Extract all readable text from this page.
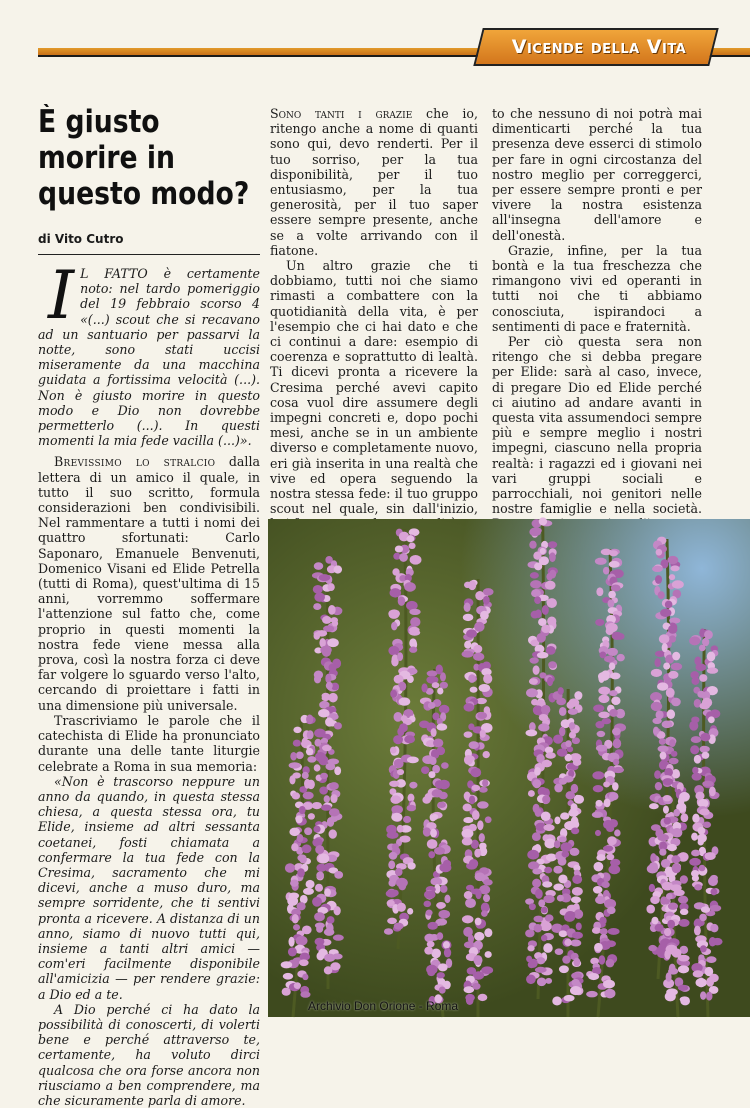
Vicende della Vita
È giusto
morire in
questo modo?
di Vito Cutro

I L FATTO è certamente noto: nel tardo pomeriggio del 19 febbraio scorso 4 «(...) scout che si recavano ad un santuario per passarvi la notte, sono stati uccisi miseramente da una macchina guidata a fortissima velocità (...). Non è giusto morire in questo modo e Dio non dovrebbe permetterlo (...). In questi momenti la mia fede vacilla (...)».

Brevissimo lo stralcio dalla lettera di un amico il quale, in tutto il suo scritto, formula considerazioni ben condivisibili. Nel rammentare a tutti i nomi dei quattro sfortunati: Carlo Saponaro, Emanuele Benvenuti, Domenico Visani ed Elide Petrella (tutti di Roma), quest'ultima di 15 anni, vorremmo soffermare l'attenzione sul fatto che, come proprio in questi momenti la nostra fede viene messa alla prova, così la nostra forza ci deve far volgere lo sguardo verso l'alto, cercando di proiettare i fatti in una dimensione più universale.

Trascriviamo le parole che il catechista di Elide ha pronunciato durante una delle tante liturgie celebrate a Roma in sua memoria:

«Non è trascorso neppure un anno da quando, in questa stessa chiesa, a questa stessa ora, tu Elide, insieme ad altri sessanta coetanei, fosti chiamata a confermare la tua fede con la Cresima, sacramento che mi dicevi, anche a muso duro, ma sempre sorridente, che ti sentivi pronta a ricevere. A distanza di un anno, siamo di nuovo tutti qui, insieme a tanti altri amici — com'eri facilmente disponibile all'amicizia — per rendere grazie: a Dio ed a te.

A Dio perché ci ha dato la possibilità di conoscerti, di volerti bene e perché attraverso te, certamente, ha voluto dirci qualcosa che ora forse ancora non riusciamo a ben comprendere, ma che sicuramente parla di amore.

Sono tanti i grazie che io, ritengo anche a nome di quanti sono qui, devo renderti. Per il tuo sorriso, per la tua disponibilità, per il tuo entusiasmo, per la tua generosità, per il tuo saper essere sempre presente, anche se a volte arrivando con il fiatone.

Un altro grazie che ti dobbiamo, tutti noi che siamo rimasti a combattere con la quotidianità della vita, è per l'esempio che ci hai dato e che ci continui a dare: esempio di coerenza e soprattutto di lealtà. Ti dicevi pronta a ricevere la Cresima perché avevi capito cosa vuol dire assumere degli impegni concreti e, dopo pochi mesi, anche se in un ambiente diverso e completamente nuovo, eri già inserita in una realtà che vive ed opera seguendo la nostra stessa fede: il tuo gruppo scout nel quale, sin dall'inizio,

to che nessuno di noi potrà mai dimenticarti perché la tua presenza deve esserci di stimolo per fare in ogni circostanza del nostro meglio per correggerci, per essere sempre pronti e per vivere la nostra esistenza all'insegna dell'amore e dell'onestà.

Grazie, infine, per la tua bontà e la tua freschezza che rimangono vivi ed operanti in tutti noi che ti abbiamo conosciuta, ispirandoci a sentimenti di pace e fraternità.

Per ciò questa sera non ritengo che si debba pregare per Elide: sarà al caso, invece, di pregare Dio ed Elide perché ci aiutino ad andare avanti in questa vita assumendoci sempre più e sempre meglio i nostri impegni, ciascuno nella propria realtà: i ragazzi ed i giovani nei vari gruppi sociali e parrocchiali, noi genitori nelle nostre famiglie e nella società.

Archivio Don Orione - Roma
